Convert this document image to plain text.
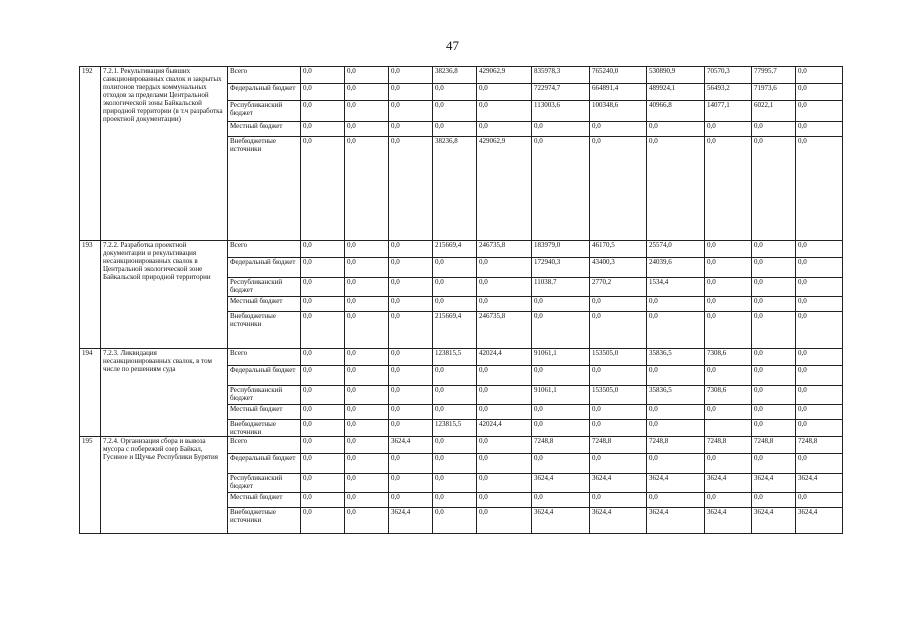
47
192	7.2.1. Рекультивация бывших санкционированных свалок и закрытых полигонов твердых коммунальных отходов за пределами Центральной экологической зоны Байкальской природной территории (в т.ч разработка проектной документации)	Всего	0,0	0,0	0,0	38236,8	429062,9	835978,3	765240,0	530890,9	70570,3	77995,7	0,0
		Федеральный бюджет	0,0	0,0	0,0	0,0	0,0	722974,7	664891,4	489924,1	56493,2	71973,6	0,0
		Республиканский бюджет	0,0	0,0	0,0	0,0	0,0	113003,6	100348,6	40966,8	14077,1	6022,1	0,0
		Местный бюджет	0,0	0,0	0,0	0,0	0,0	0,0	0,0	0,0	0,0	0,0	0,0
		Внебюджетные источники	0,0	0,0	0,0	38236,8	429062,9	0,0	0,0	0,0	0,0	0,0	0,0
193	7.2.2. Разработка проектной документации и рекультивация несанкционированных свалок в Центральной экологической зоне Байкальской природной территории	Всего	0,0	0,0	0,0	215669,4	246735,8	183979,0	46170,5	25574,0	0,0	0,0	0,0
		Федеральный бюджет	0,0	0,0	0,0	0,0	0,0	172940,3	43400,3	24039,6	0,0	0,0	0,0
		Республиканский бюджет	0,0	0,0	0,0	0,0	0,0	11038,7	2770,2	1534,4	0,0	0,0	0,0
		Местный бюджет	0,0	0,0	0,0	0,0	0,0	0,0	0,0	0,0	0,0	0,0	0,0
		Внебюджетные источники	0,0	0,0	0,0	215669,4	246735,8	0,0	0,0	0,0	0,0	0,0	0,0
194	7.2.3. Ликвидация несанкционированных свалок, в том числе по решениям суда	Всего	0,0	0,0	0,0	123815,5	42024,4	91061,1	153505,0	35836,5	7308,6	0,0	0,0
		Федеральный бюджет	0,0	0,0	0,0	0,0	0,0	0,0	0,0	0,0	0,0	0,0	0,0
		Республиканский бюджет	0,0	0,0	0,0	0,0	0,0	91061,1	153505,0	35836,5	7308,6	0,0	0,0
		Местный бюджет	0,0	0,0	0,0	0,0	0,0	0,0	0,0	0,0	0,0	0,0	0,0
		Внебюджетные источники	0,0	0,0	0,0	123815,5	42024,4	0,0	0,0	0,0		0,0	0,0
195	7.2.4. Организация сбора и вывоза мусора с побережий озер Байкал, Гусиное и Щучье Республики Бурятия	Всего	0,0	0,0	3624,4	0,0	0,0	7248,8	7248,8	7248,8	7248,8	7248,8	7248,8
		Федеральный бюджет	0,0	0,0	0,0	0,0	0,0	0,0	0,0	0,0	0,0	0,0	0,0
		Республиканский бюджет	0,0	0,0	0,0	0,0	0,0	3624,4	3624,4	3624,4	3624,4	3624,4	3624,4
		Местный бюджет	0,0	0,0	0,0	0,0	0,0	0,0	0,0	0,0	0,0	0,0	0,0
		Внебюджетные источники	0,0	0,0	3624,4	0,0	0,0	3624,4	3624,4	3624,4	3624,4	3624,4	3624,4
